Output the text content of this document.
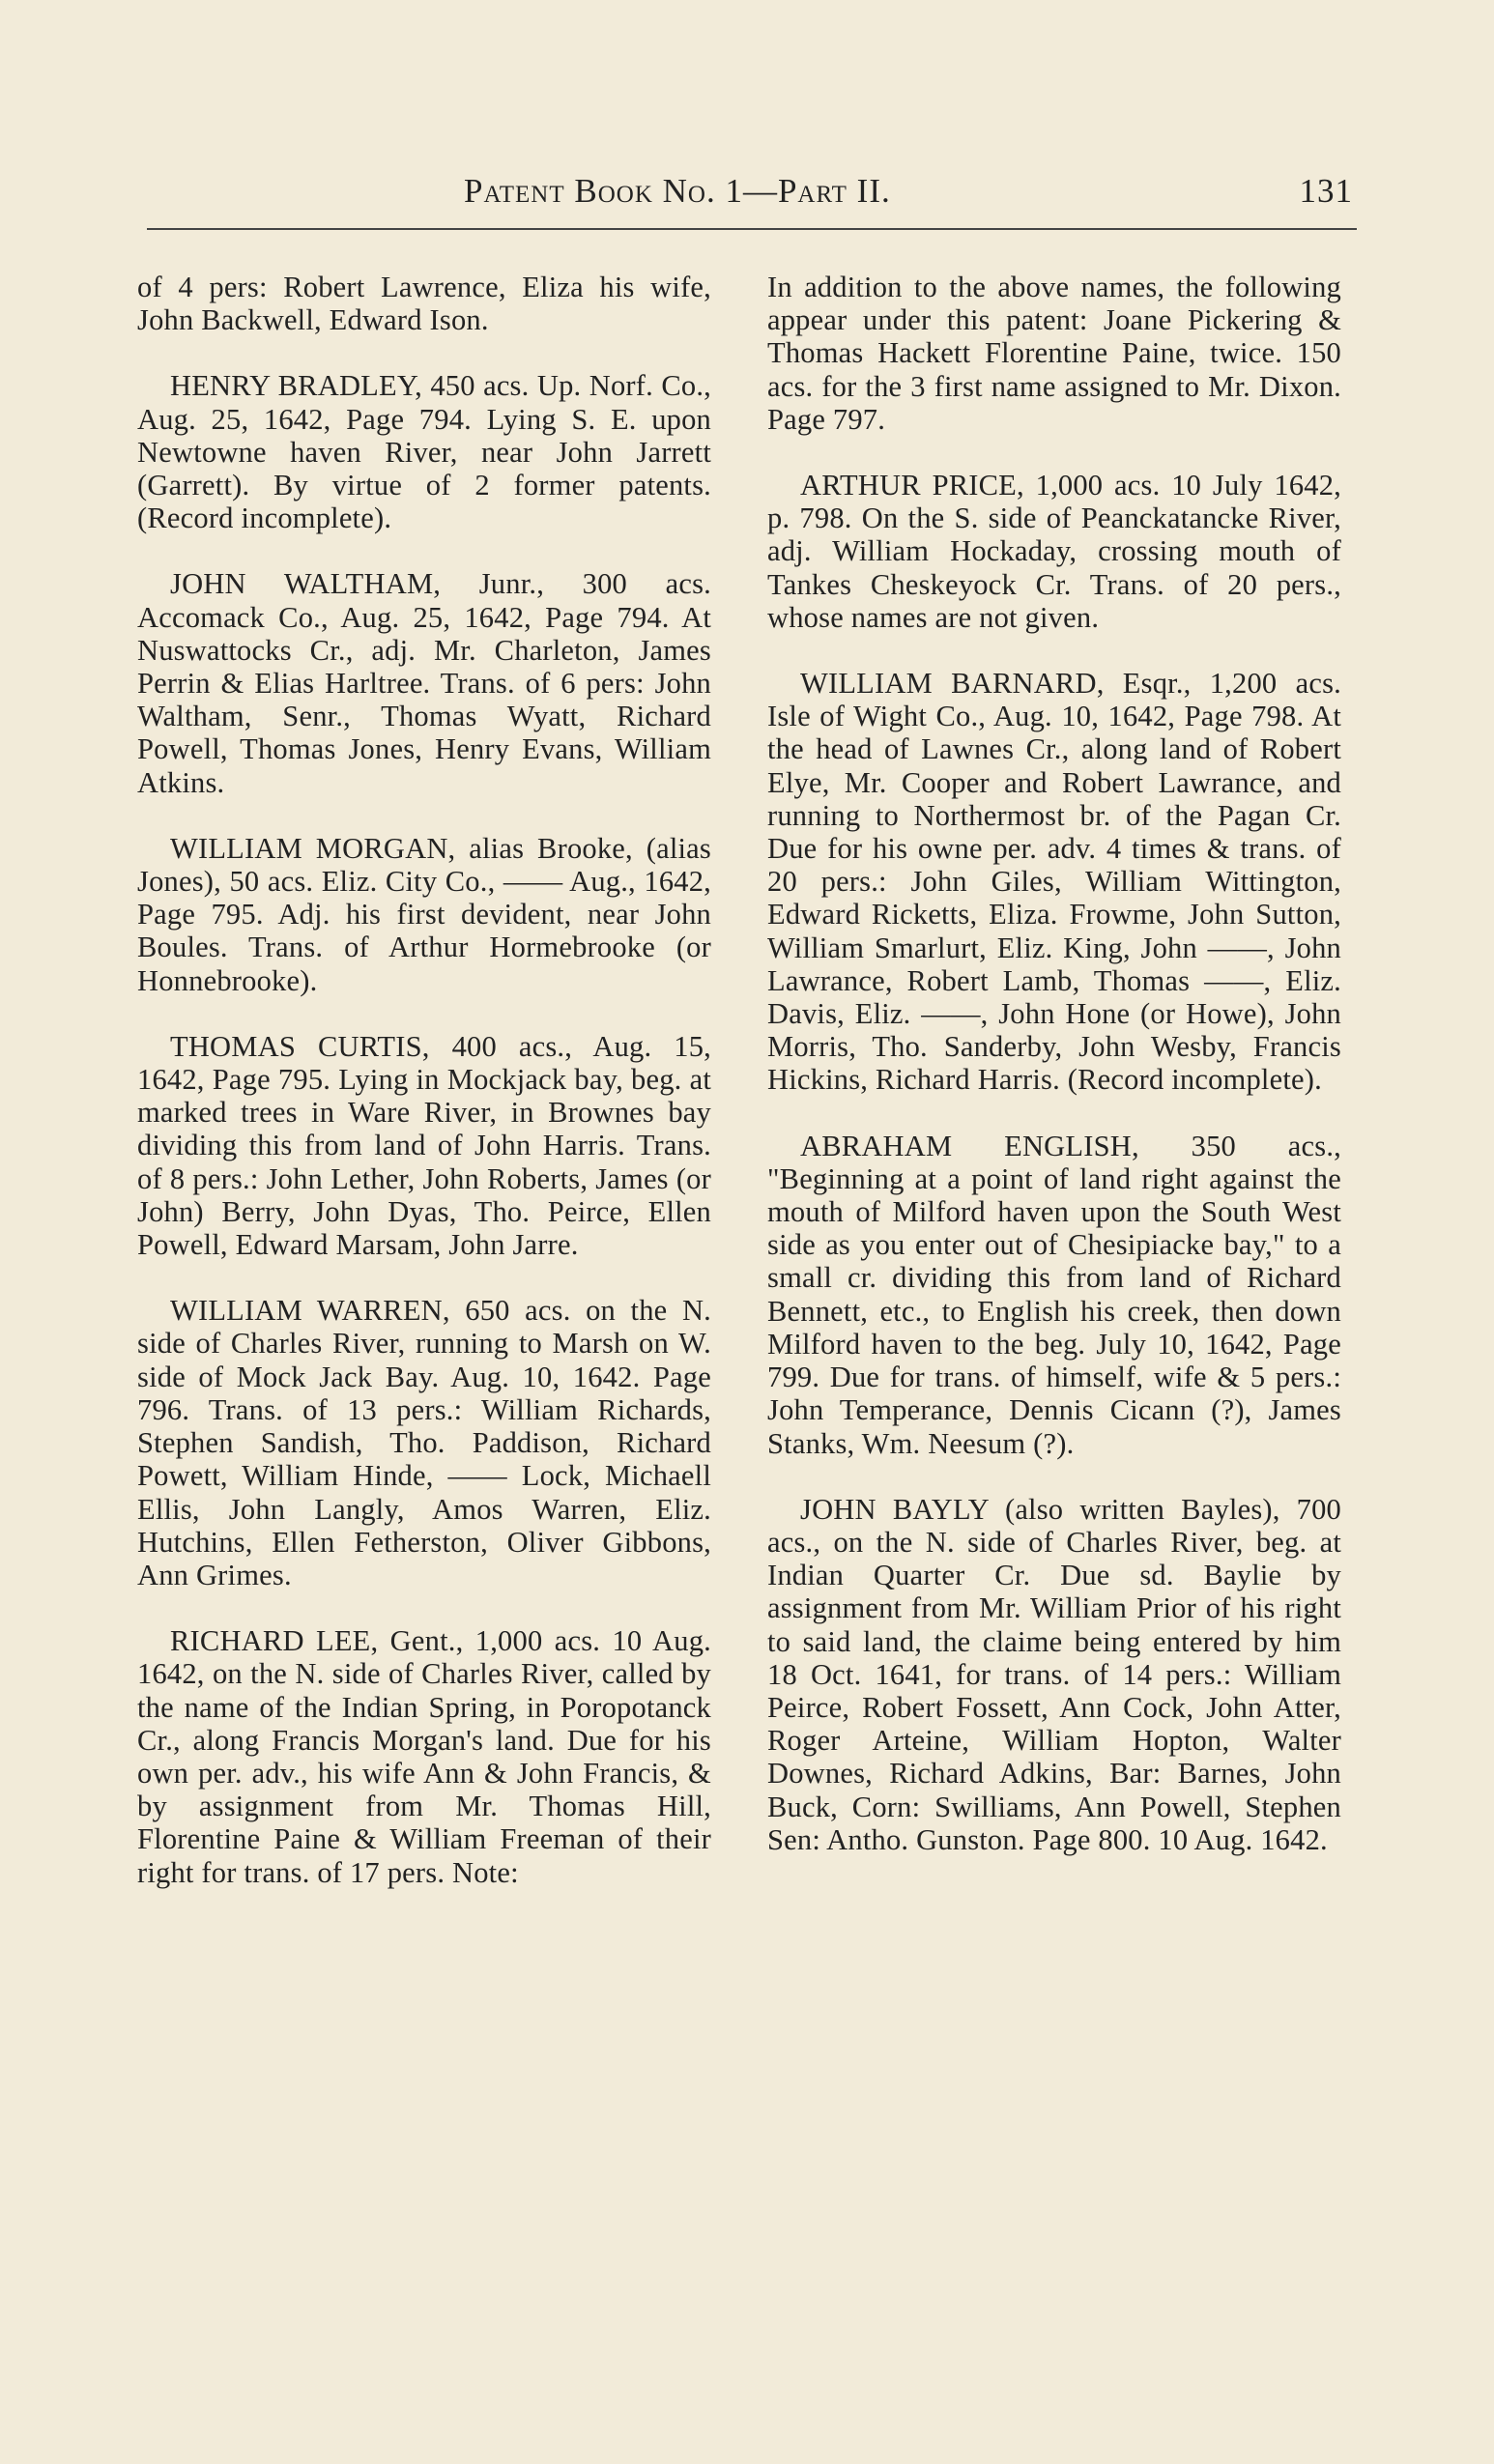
Patent Book No. 1—Part II.	131

of 4 pers: Robert Lawrence, Eliza his wife, John Backwell, Edward Ison.

HENRY BRADLEY, 450 acs. Up. Norf. Co., Aug. 25, 1642, Page 794. Lying S. E. upon Newtowne haven River, near John Jarrett (Garrett). By virtue of 2 former patents. (Record incomplete).

JOHN WALTHAM, Junr., 300 acs. Accomack Co., Aug. 25, 1642, Page 794. At Nuswattocks Cr., adj. Mr. Charleton, James Perrin & Elias Harltree. Trans. of 6 pers: John Waltham, Senr., Thomas Wyatt, Richard Powell, Thomas Jones, Henry Evans, William Atkins.

WILLIAM MORGAN, alias Brooke, (alias Jones), 50 acs. Eliz. City Co., —— Aug., 1642, Page 795. Adj. his first devident, near John Boules. Trans. of Arthur Hormebrooke (or Honnebrooke).

THOMAS CURTIS, 400 acs., Aug. 15, 1642, Page 795. Lying in Mockjack bay, beg. at marked trees in Ware River, in Brownes bay dividing this from land of John Harris. Trans. of 8 pers.: John Lether, John Roberts, James (or John) Berry, John Dyas, Tho. Peirce, Ellen Powell, Edward Marsam, John Jarre.

WILLIAM WARREN, 650 acs. on the N. side of Charles River, running to Marsh on W. side of Mock Jack Bay. Aug. 10, 1642. Page 796. Trans. of 13 pers.: William Richards, Stephen Sandish, Tho. Paddison, Richard Powett, William Hinde, —— Lock, Michaell Ellis, John Langly, Amos Warren, Eliz. Hutchins, Ellen Fetherston, Oliver Gibbons, Ann Grimes.

RICHARD LEE, Gent., 1,000 acs. 10 Aug. 1642, on the N. side of Charles River, called by the name of the Indian Spring, in Poropotanck Cr., along Francis Morgan's land. Due for his own per. adv., his wife Ann & John Francis, & by assignment from Mr. Thomas Hill, Florentine Paine & William Freeman of their right for trans. of 17 pers. Note:

In addition to the above names, the following appear under this patent: Joane Pickering & Thomas Hackett Florentine Paine, twice. 150 acs. for the 3 first name assigned to Mr. Dixon. Page 797.

ARTHUR PRICE, 1,000 acs. 10 July 1642, p. 798. On the S. side of Peanckatancke River, adj. William Hockaday, crossing mouth of Tankes Cheskeyock Cr. Trans. of 20 pers., whose names are not given.

WILLIAM BARNARD, Esqr., 1,200 acs. Isle of Wight Co., Aug. 10, 1642, Page 798. At the head of Lawnes Cr., along land of Robert Elye, Mr. Cooper and Robert Lawrance, and running to Northermost br. of the Pagan Cr. Due for his owne per. adv. 4 times & trans. of 20 pers.: John Giles, William Wittington, Edward Ricketts, Eliza. Frowme, John Sutton, William Smarlurt, Eliz. King, John ——, John Lawrance, Robert Lamb, Thomas ——, Eliz. Davis, Eliz. ——, John Hone (or Howe), John Morris, Tho. Sanderby, John Wesby, Francis Hickins, Richard Harris. (Record incomplete).

ABRAHAM ENGLISH, 350 acs., "Beginning at a point of land right against the mouth of Milford haven upon the South West side as you enter out of Chesipiacke bay," to a small cr. dividing this from land of Richard Bennett, etc., to English his creek, then down Milford haven to the beg. July 10, 1642, Page 799. Due for trans. of himself, wife & 5 pers.: John Temperance, Dennis Cicann (?), James Stanks, Wm. Neesum (?).

JOHN BAYLY (also written Bayles), 700 acs., on the N. side of Charles River, beg. at Indian Quarter Cr. Due sd. Baylie by assignment from Mr. William Prior of his right to said land, the claime being entered by him 18 Oct. 1641, for trans. of 14 pers.: William Peirce, Robert Fossett, Ann Cock, John Atter, Roger Arteine, William Hopton, Walter Downes, Richard Adkins, Bar: Barnes, John Buck, Corn: Swilliams, Ann Powell, Stephen Sen: Antho. Gunston. Page 800. 10 Aug. 1642.
